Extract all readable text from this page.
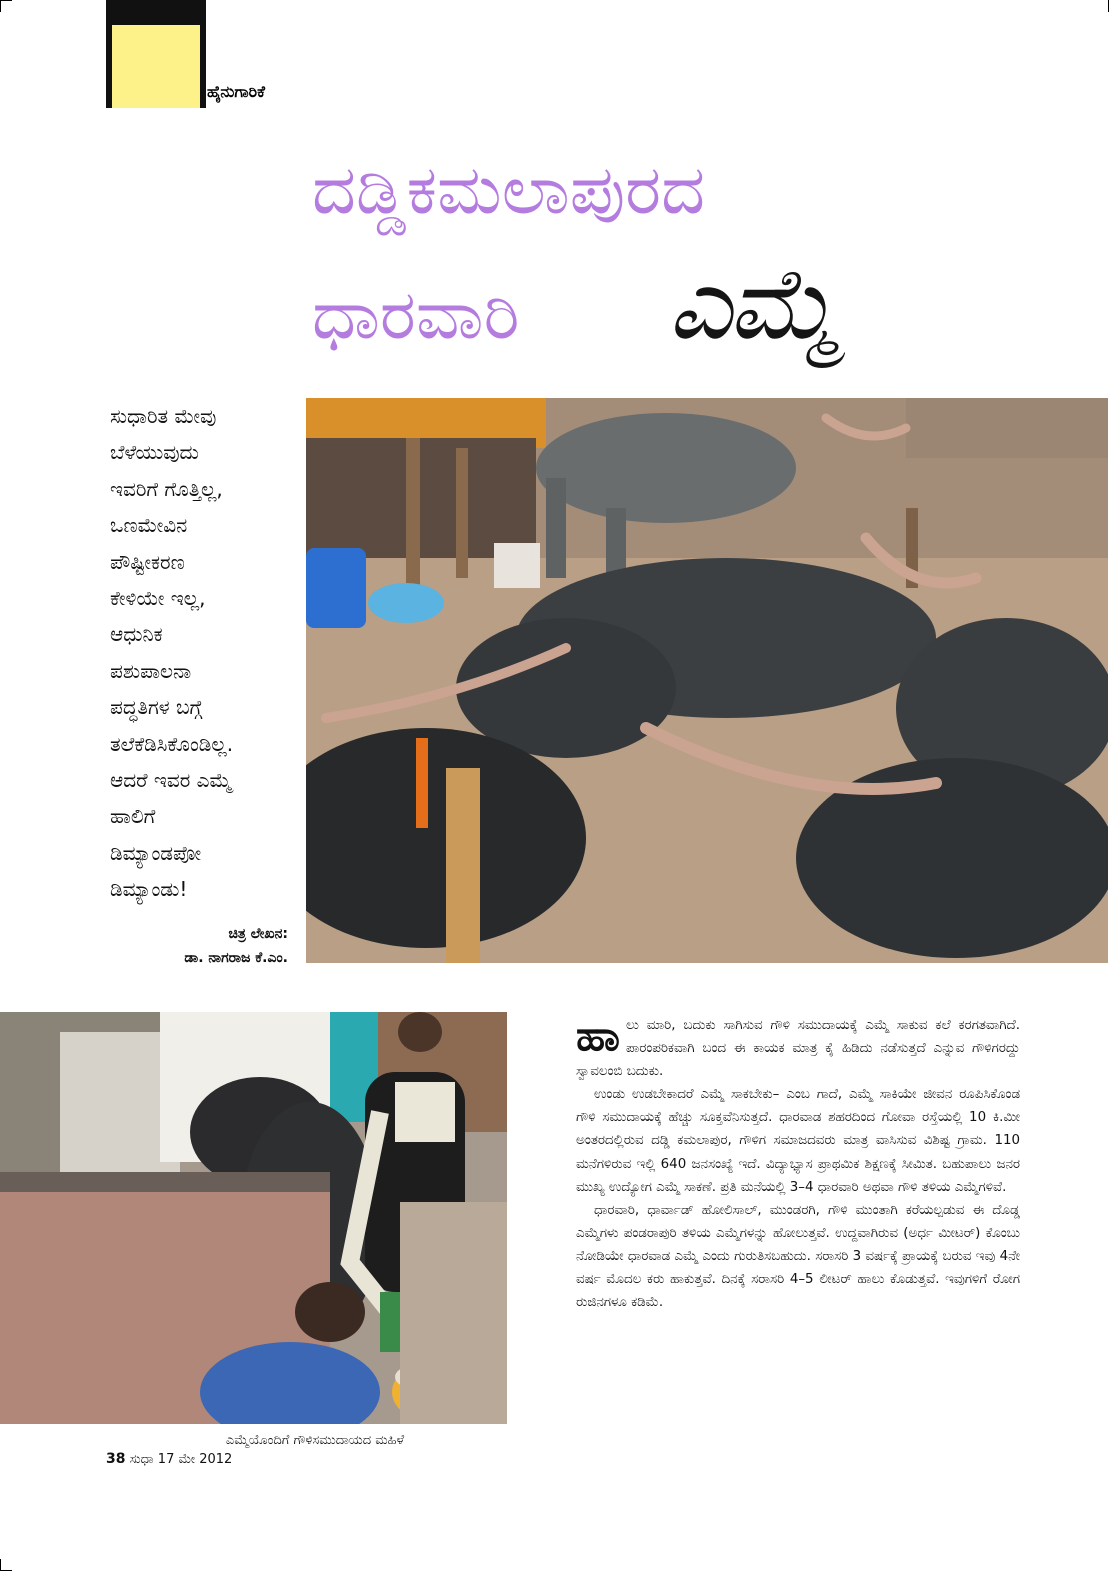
ಹೈನುಗಾರಿಕೆ
ದಡ್ಡಿಕಮಲಾಪುರದ
ಧಾರವಾರಿ	ಎಮ್ಮೆ
ಸುಧಾರಿತ ಮೇವು
ಬೆಳೆಯುವುದು
ಇವರಿಗೆ ಗೊತ್ತಿಲ್ಲ,
ಒಣಮೇವಿನ
ಪೌಷ್ಟೀಕರಣ
ಕೇಳಿಯೇ ಇಲ್ಲ,
ಆಧುನಿಕ
ಪಶುಪಾಲನಾ
ಪದ್ಧತಿಗಳ ಬಗ್ಗೆ
ತಲೆಕೆಡಿಸಿಕೊಂಡಿಲ್ಲ.
ಆದರೆ ಇವರ ಎಮ್ಮೆ
ಹಾಲಿಗೆ
ಡಿಮ್ಯಾಂಡಪೋ
ಡಿಮ್ಯಾಂಡು!
ಚಿತ್ರ ಲೇಖನ:
ಡಾ. ನಾಗರಾಜ ಕೆ.ಎಂ.
ಎಮ್ಮೆಯೊಂದಿಗೆ ಗೌಳಿಸಮುದಾಯದ ಮಹಿಳೆ

ಹಾಲು ಮಾರಿ, ಬದುಕು ಸಾಗಿಸುವ ಗೌಳಿ ಸಮುದಾಯಕ್ಕೆ ಎಮ್ಮೆ ಸಾಕುವ ಕಲೆ ಕರಗತವಾಗಿದೆ. ಪಾರಂಪರಿಕವಾಗಿ ಬಂದ ಈ ಕಾಯಕ ಮಾತ್ರ ಕೈ ಹಿಡಿದು ನಡೆಸುತ್ತದೆ ಎನ್ನುವ ಗೌಳಿಗರದ್ದು ಸ್ವಾವಲಂಬಿ ಬದುಕು.

ಉಂಡು ಉಡಬೇಕಾದರೆ ಎಮ್ಮೆ ಸಾಕಬೇಕು– ಎಂಬ ಗಾದೆ, ಎಮ್ಮೆ ಸಾಕಿಯೇ ಜೀವನ ರೂಪಿಸಿಕೊಂಡ ಗೌಳಿ ಸಮುದಾಯಕ್ಕೆ ಹೆಚ್ಚು ಸೂಕ್ತವೆನಿಸುತ್ತದೆ. ಧಾರವಾಡ ಶಹರದಿಂದ ಗೋವಾ ರಸ್ತೆಯಲ್ಲಿ 10 ಕಿ.ಮೀ ಅಂತರದಲ್ಲಿರುವ ದಡ್ಡಿ ಕಮಲಾಪುರ, ಗೌಳಿಗ ಸಮಾಜದವರು ಮಾತ್ರ ವಾಸಿಸುವ ವಿಶಿಷ್ಟ ಗ್ರಾಮ. 110 ಮನೆಗಳಿರುವ ಇಲ್ಲಿ 640 ಜನಸಂಖ್ಯೆ ಇದೆ. ವಿದ್ಯಾಭ್ಯಾಸ ಪ್ರಾಥಮಿಕ ಶಿಕ್ಷಣಕ್ಕೆ ಸೀಮಿತ. ಬಹುಪಾಲು ಜನರ ಮುಖ್ಯ ಉದ್ಯೋಗ ಎಮ್ಮೆ ಸಾಕಣೆ. ಪ್ರತಿ ಮನೆಯಲ್ಲಿ 3–4 ಧಾರವಾರಿ ಅಥವಾ ಗೌಳಿ ತಳಿಯ ಎಮ್ಮೆಗಳಿವೆ.

ಧಾರವಾರಿ, ಧಾರ್ವಾಡ್ ಹೋಲಿಸಾಲ್, ಮುಂಡರಗಿ, ಗೌಳಿ ಮುಂತಾಗಿ ಕರೆಯಲ್ಪಡುವ ಈ ದೊಡ್ಡ ಎಮ್ಮೆಗಳು ಪಂಡರಾಪುರಿ ತಳಿಯ ಎಮ್ಮೆಗಳನ್ನು ಹೋಲುತ್ತವೆ. ಉದ್ದವಾಗಿರುವ (ಅರ್ಧ ಮೀಟರ್) ಕೊಂಬು ನೋಡಿಯೇ ಧಾರವಾಡ ಎಮ್ಮೆ ಎಂದು ಗುರುತಿಸಬಹುದು. ಸರಾಸರಿ 3 ವರ್ಷಕ್ಕೆ ಪ್ರಾಯಕ್ಕೆ ಬರುವ ಇವು 4ನೇ ವರ್ಷ ಮೊದಲ ಕರು ಹಾಕುತ್ತವೆ. ದಿನಕ್ಕೆ ಸರಾಸರಿ 4–5 ಲೀಟರ್ ಹಾಲು ಕೊಡುತ್ತವೆ. ಇವುಗಳಿಗೆ ರೋಗ ರುಜಿನಗಳೂ ಕಡಿಮೆ.

38 ಸುಧಾ 17 ಮೇ 2012
